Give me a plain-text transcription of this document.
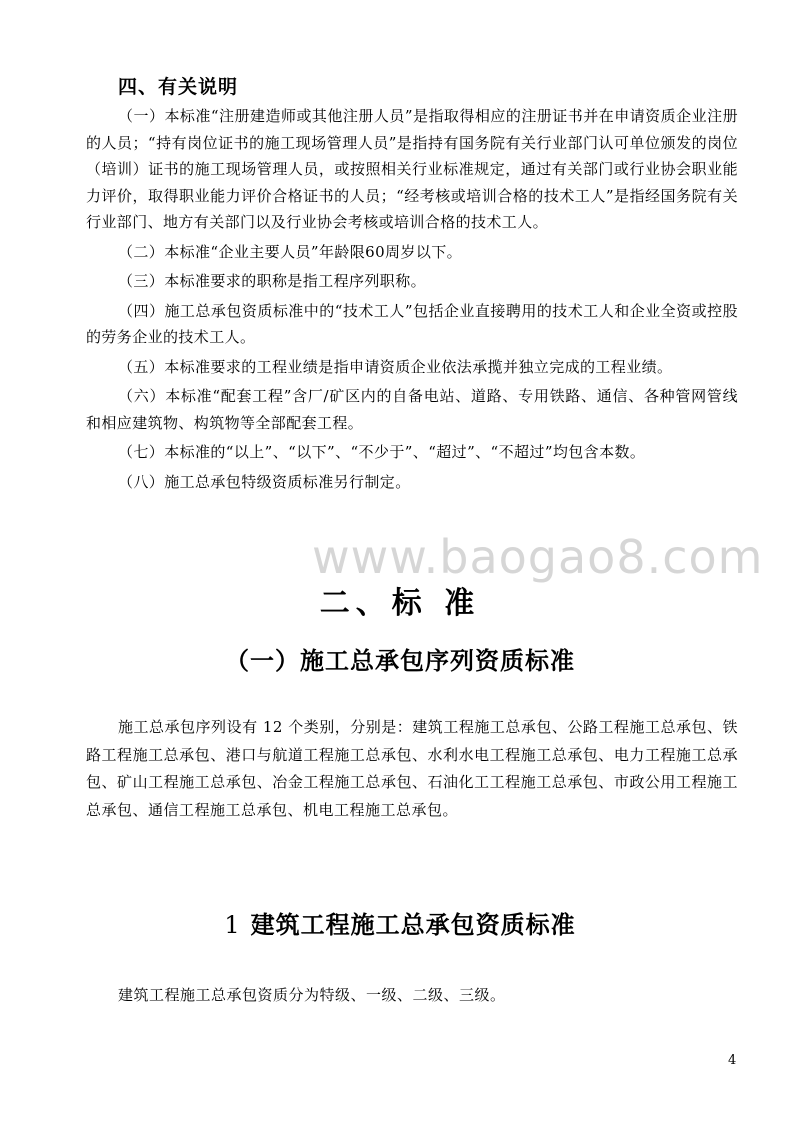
四、有关说明

（一）本标准“注册建造师或其他注册人员”是指取得相应的注册证书并在申请资质企业注册的人员；“持有岗位证书的施工现场管理人员”是指持有国务院有关行业部门认可单位颁发的岗位（培训）证书的施工现场管理人员，或按照相关行业标准规定，通过有关部门或行业协会职业能力评价，取得职业能力评价合格证书的人员；“经考核或培训合格的技术工人”是指经国务院有关行业部门、地方有关部门以及行业协会考核或培训合格的技术工人。

（二）本标准“企业主要人员”年龄限60周岁以下。

（三）本标准要求的职称是指工程序列职称。

（四）施工总承包资质标准中的“技术工人”包括企业直接聘用的技术工人和企业全资或控股的劳务企业的技术工人。

（五）本标准要求的工程业绩是指申请资质企业依法承揽并独立完成的工程业绩。

（六）本标准“配套工程”含厂/矿区内的自备电站、道路、专用铁路、通信、各种管网管线和相应建筑物、构筑物等全部配套工程。

（七）本标准的“以上”、“以下”、“不少于”、“超过”、“不超过”均包含本数。

（八）施工总承包特级资质标准另行制定。

www.baogao8.com
二、标 准
（一）施工总承包序列资质标准

施工总承包序列设有 12 个类别，分别是：建筑工程施工总承包、公路工程施工总承包、铁路工程施工总承包、港口与航道工程施工总承包、水利水电工程施工总承包、电力工程施工总承包、矿山工程施工总承包、冶金工程施工总承包、石油化工工程施工总承包、市政公用工程施工总承包、通信工程施工总承包、机电工程施工总承包。

1 建筑工程施工总承包资质标准

建筑工程施工总承包资质分为特级、一级、二级、三级。

4
